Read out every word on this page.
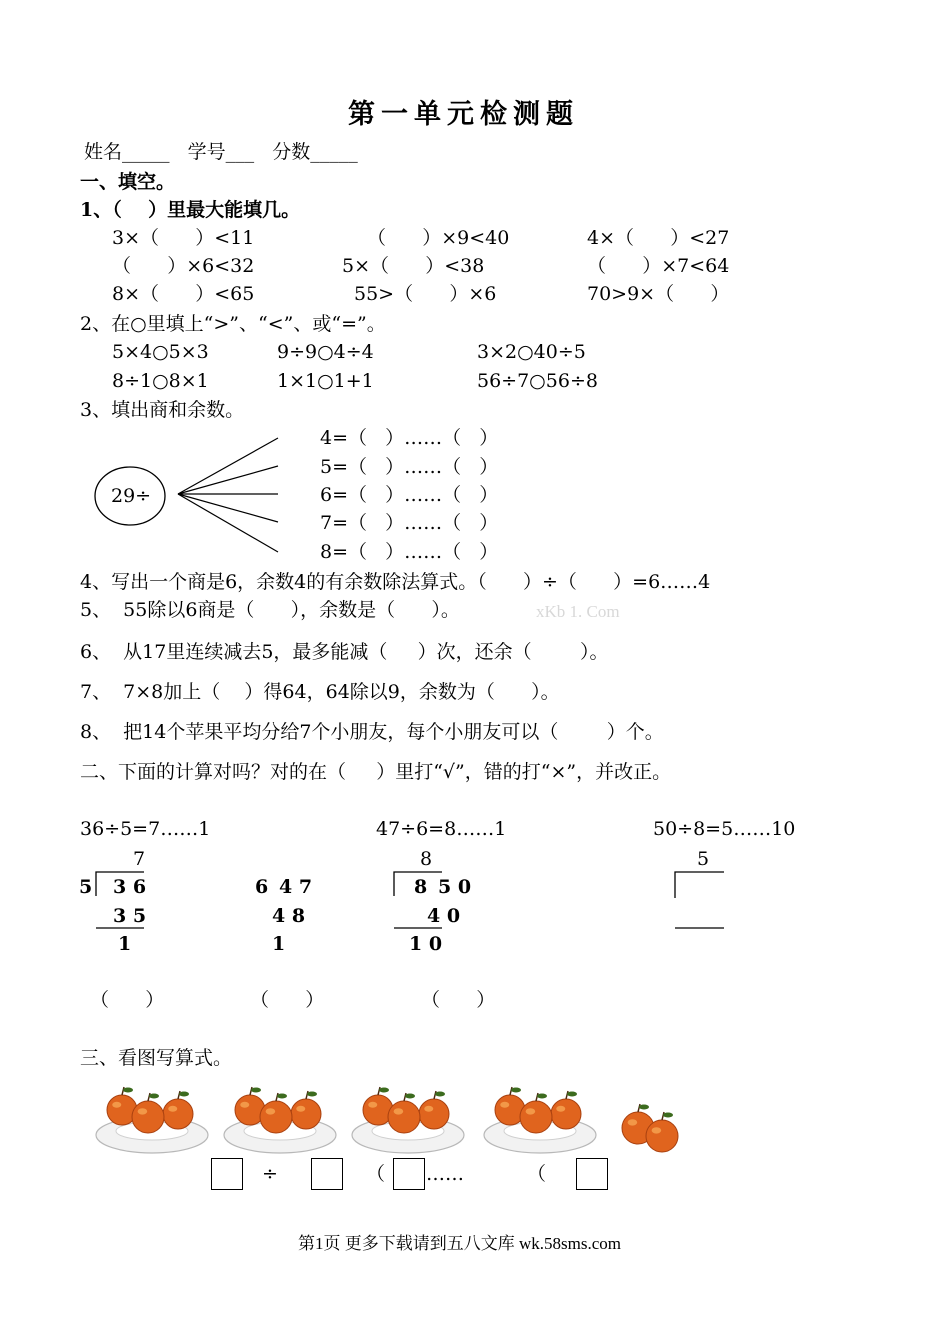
第一单元检测题
姓名_____   学号___   分数_____
一、填空。
1、（    ）里最大能填几。
3×（      ）<11	（      ）×9<40	4×（      ）<27
（      ）×6<32	5×（      ）<38	（      ）×7<64
8×（      ）<65	55>（      ）×6	70>9×（      ）
2、在○里填上“>”、“<”、或“=”。
5×4○5×3	9÷9○4÷4	3×2○40÷5
8÷1○8×1	1×1○1+1	56÷7○56÷8
3、填出商和余数。
29÷
4=（   ）……（   ）
5=（   ）……（   ）
6=（   ）……（   ）
7=（   ）……（   ）
8=（   ）……（   ）
4、写出一个商是6，余数4的有余数除法算式。（      ）÷（      ）=6……4
5、  55除以6商是（      ），余数是（      ）。	xKb 1. Com
6、  从17里连续减去5，最多能减（     ）次，还余（        ）。
7、  7×8加上（    ）得64，64除以9，余数为（      ）。
8、  把14个苹果平均分给7个小朋友，每个小朋友可以（        ）个。
二、下面的计算对吗？对的在（     ）里打“√”，错的打“×”，并改正。
36÷5=7……1	47÷6=8……1	50÷8=5……10
7
5 3 6
3 5
1
6 4 7
4 8
1
8
8 5 0
4 0
1 0
5
（      ）	（      ）	（      ）
三、看图写算式。
÷	（ ……	（
第1页 更多下载请到五八文库 wk.58sms.com
